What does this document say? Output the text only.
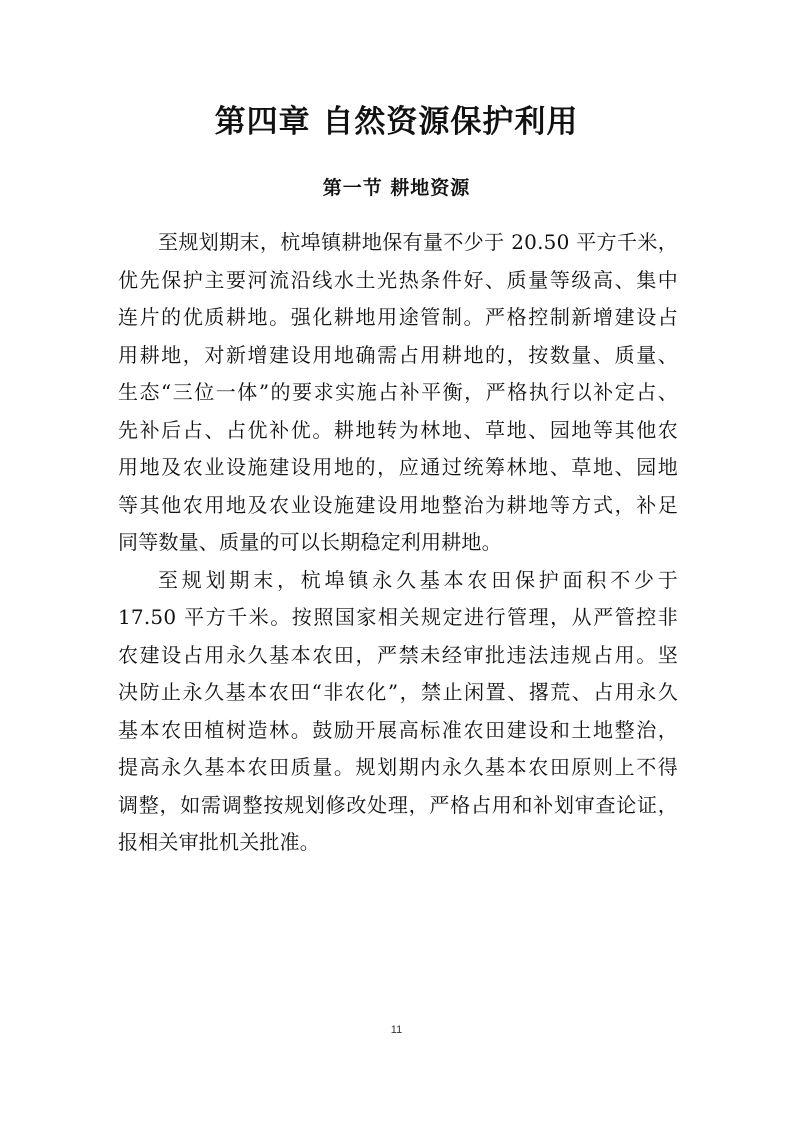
第四章 自然资源保护利用
第一节 耕地资源

至规划期末，杭埠镇耕地保有量不少于 20.50 平方千米，
优先保护主要河流沿线水土光热条件好、质量等级高、集中
连片的优质耕地。强化耕地用途管制。严格控制新增建设占
用耕地，对新增建设用地确需占用耕地的，按数量、质量、
生态“三位一体”的要求实施占补平衡，严格执行以补定占、
先补后占、占优补优。耕地转为林地、草地、园地等其他农
用地及农业设施建设用地的，应通过统筹林地、草地、园地
等其他农用地及农业设施建设用地整治为耕地等方式，补足
同等数量、质量的可以长期稳定利用耕地。

至规划期末，杭埠镇永久基本农田保护面积不少于
17.50 平方千米。按照国家相关规定进行管理，从严管控非
农建设占用永久基本农田，严禁未经审批违法违规占用。坚
决防止永久基本农田“非农化”，禁止闲置、撂荒、占用永久
基本农田植树造林。鼓励开展高标准农田建设和土地整治，
提高永久基本农田质量。规划期内永久基本农田原则上不得
调整，如需调整按规划修改处理，严格占用和补划审查论证，
报相关审批机关批准。

11
